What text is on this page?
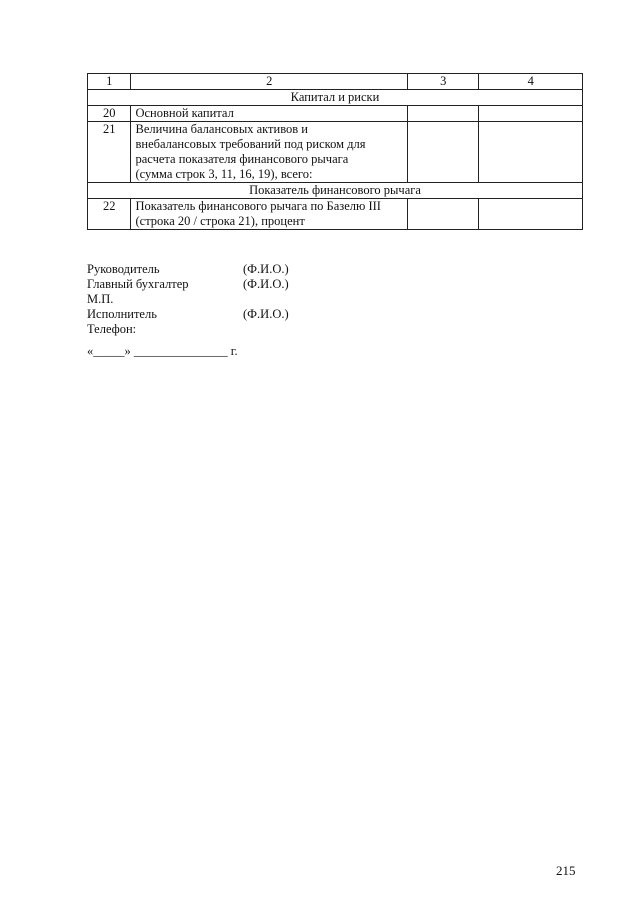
1	2	3	4
Капитал и риски			
20	Основной капитал		
21	Величина балансовых активов и
внебалансовых требований под риском для
расчета показателя финансового рычага
(сумма строк 3, 11, 16, 19), всего:		

Показатель финансового рычага			
22	Показатель финансового рычага по Базелю III
(строка 20 / строка 21), процент		

Руководитель	(Ф.И.О.)
Главный бухгалтер	(Ф.И.О.)
М.П.
Исполнитель	(Ф.И.О.)
Телефон:
«_____» _______________ г.
215
